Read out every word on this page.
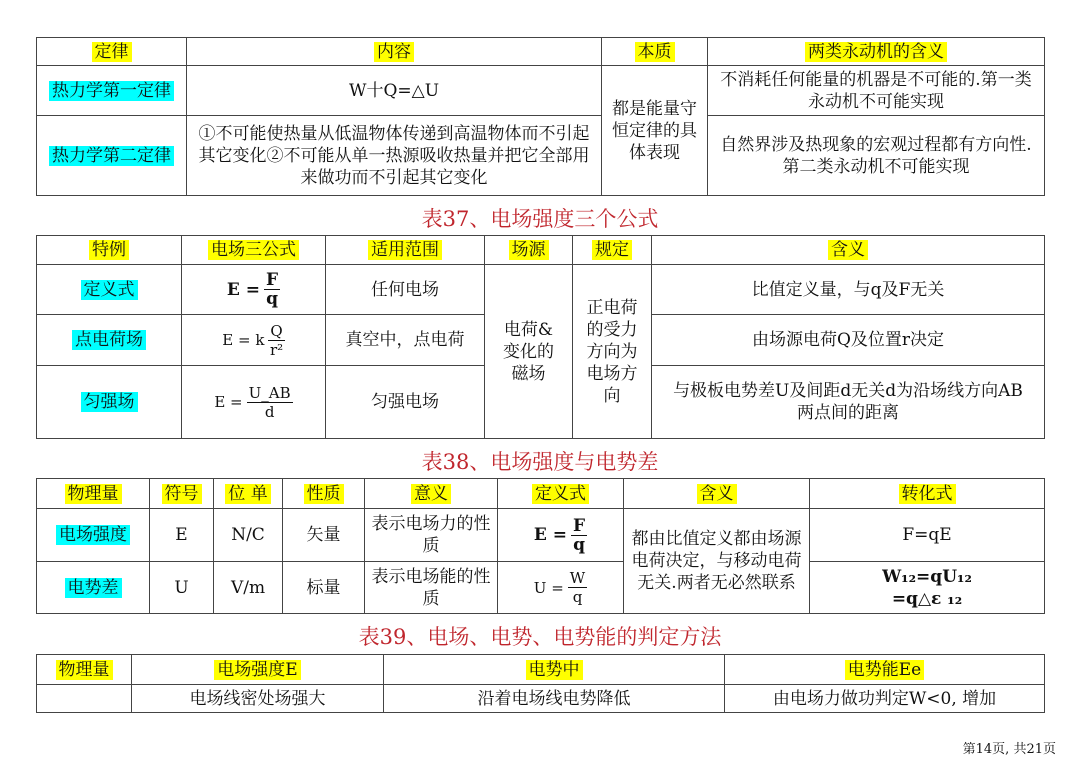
定律	内容	本质	两类永动机的含义
热力学第一定律	W十Q=△U	都是能量守恒定律的具体表现	不消耗任何能量的机器是不可能的.第一类永动机不可能实现
热力学第二定律	①不可能使热量从低温物体传递到高温物体而不引起其它变化②不可能从单一热源吸收热量并把它全部用来做功而不引起其它变化		自然界涉及热现象的宏观过程都有方向性.第二类永动机不可能实现
表37、电场强度三个公式
特例	电场三公式	适用范围	场源	规定	含义
定义式	$E = \frac{F}{q}$	任何电场	电荷&变化的磁场	正电荷的受力方向为电场方向	比值定义量，与q及F无关
点电荷场	E = k $\frac{Q}{\text{r²}}$	真空中，点电荷			由场源电荷Q及位置r决定
匀强场	$E = \frac{U\_AB}{d}$	匀强电场			与极板电势差U及间距d无关d为沿场线方向AB两点间的距离
表38、电场强度与电势差
物理量	符号	位 单	性质	意义	定义式	含义	转化式
电场强度	E	N/C	矢量	表示电场力的性质	$E = \frac{F}{q}$	都由比值定义都由场源电荷决定，与移动电荷无关.两者无必然联系	F=qE
电势差	U	V/m	标量	表示电场能的性质	$U = \frac{W}{q}$		W₁₂=qU₁₂ =q△ε ₁₂
表39、电场、电势、电势能的判定方法
物理量	电场强度E	电势中	电势能Ee
	电场线密处场强大	沿着电场线电势降低	由电场力做功判定W<0, 增加
第14页, 共21页
